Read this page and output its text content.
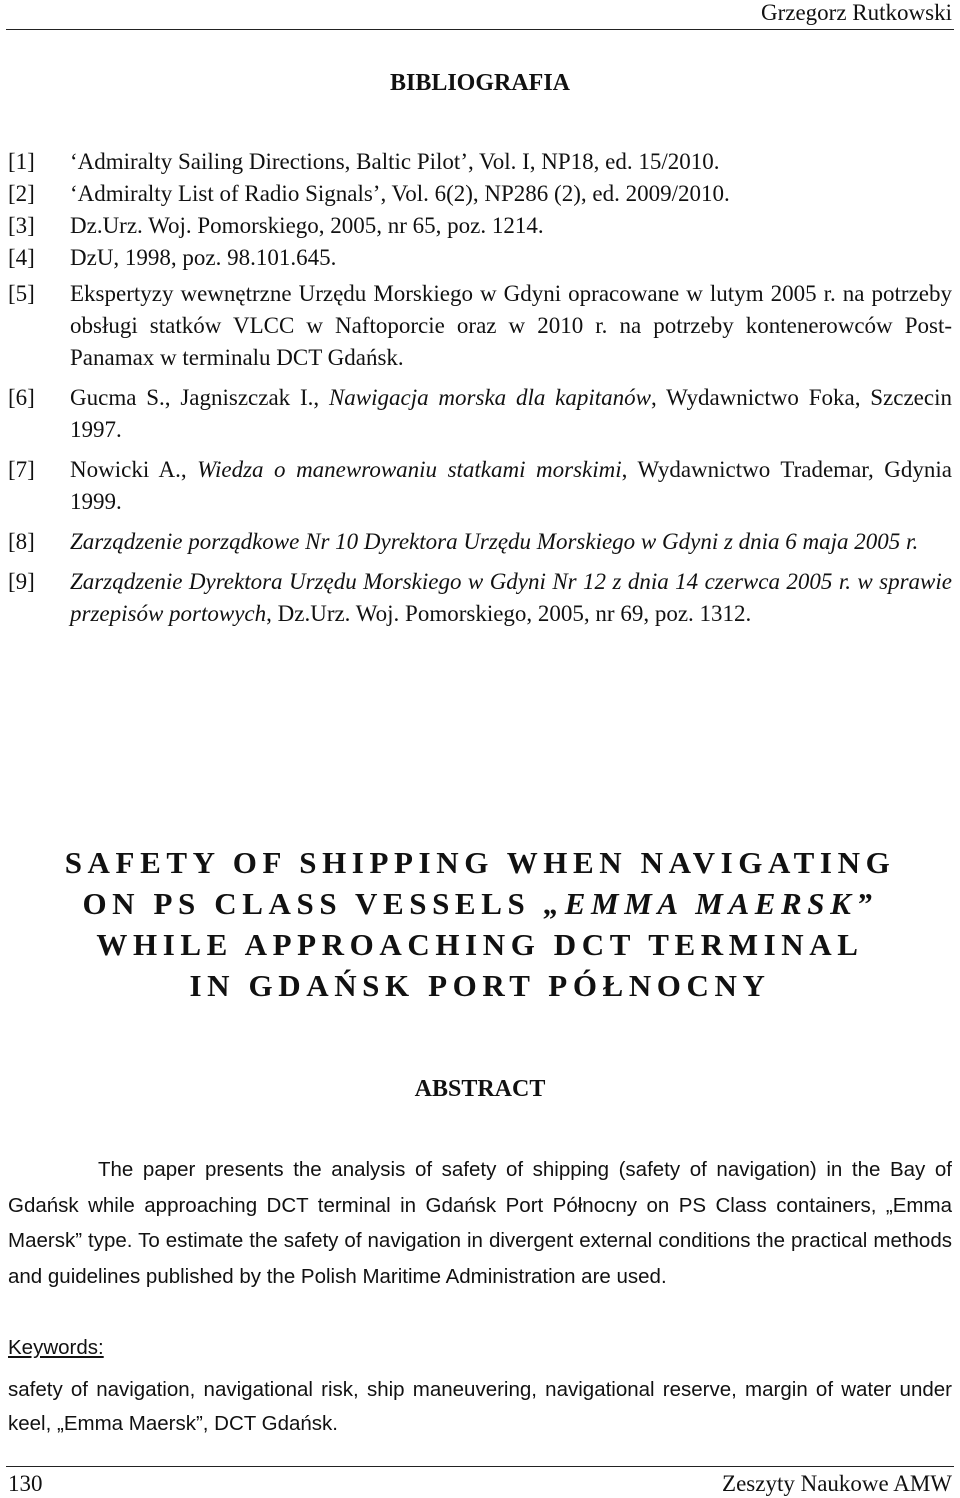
Grzegorz Rutkowski
BIBLIOGRAFIA
[1]	‘Admiralty Sailing Directions, Baltic Pilot’, Vol. I, NP18, ed. 15/2010.
[2]	‘Admiralty List of Radio Signals’, Vol. 6(2), NP286 (2), ed. 2009/2010.
[3]	Dz.Urz. Woj. Pomorskiego, 2005, nr 65, poz. 1214.
[4]	DzU, 1998, poz. 98.101.645.
[5]	Ekspertyzy wewnętrzne Urzędu Morskiego w Gdyni opracowane w lutym 2005 r. na potrzeby obsługi statków VLCC w Naftoporcie oraz w 2010 r. na potrzeby kontenerowców Post-Panamax w terminalu DCT Gdańsk.
[6]	Gucma S., Jagniszczak I., Nawigacja morska dla kapitanów, Wydawnictwo Foka, Szczecin 1997.
[7]	Nowicki A., Wiedza o manewrowaniu statkami morskimi, Wydawnictwo Trademar, Gdynia 1999.
[8]	Zarządzenie porządkowe Nr 10 Dyrektora Urzędu Morskiego w Gdyni z dnia 6 maja 2005 r.
[9]	Zarządzenie Dyrektora Urzędu Morskiego w Gdyni Nr 12 z dnia 14 czerwca 2005 r. w sprawie przepisów portowych, Dz.Urz. Woj. Pomorskiego, 2005, nr 69, poz. 1312.
SAFETY OF SHIPPING WHEN NAVIGATING
ON PS CLASS VESSELS „EMMA MAERSK”
WHILE APPROACHING DCT TERMINAL
IN GDAŃSK PORT PÓŁNOCNY
ABSTRACT
The paper presents the analysis of safety of shipping (safety of navigation) in the Bay of Gdańsk while approaching DCT terminal in Gdańsk Port Północny on PS Class containers, „Emma Maersk” type. To estimate the safety of navigation in divergent external conditions the practical methods and guidelines published by the Polish Maritime Administration are used.
Keywords:
safety of navigation, navigational risk, ship maneuvering, navigational reserve, margin of water under keel, „Emma Maersk”, DCT Gdańsk.
130	Zeszyty Naukowe AMW
